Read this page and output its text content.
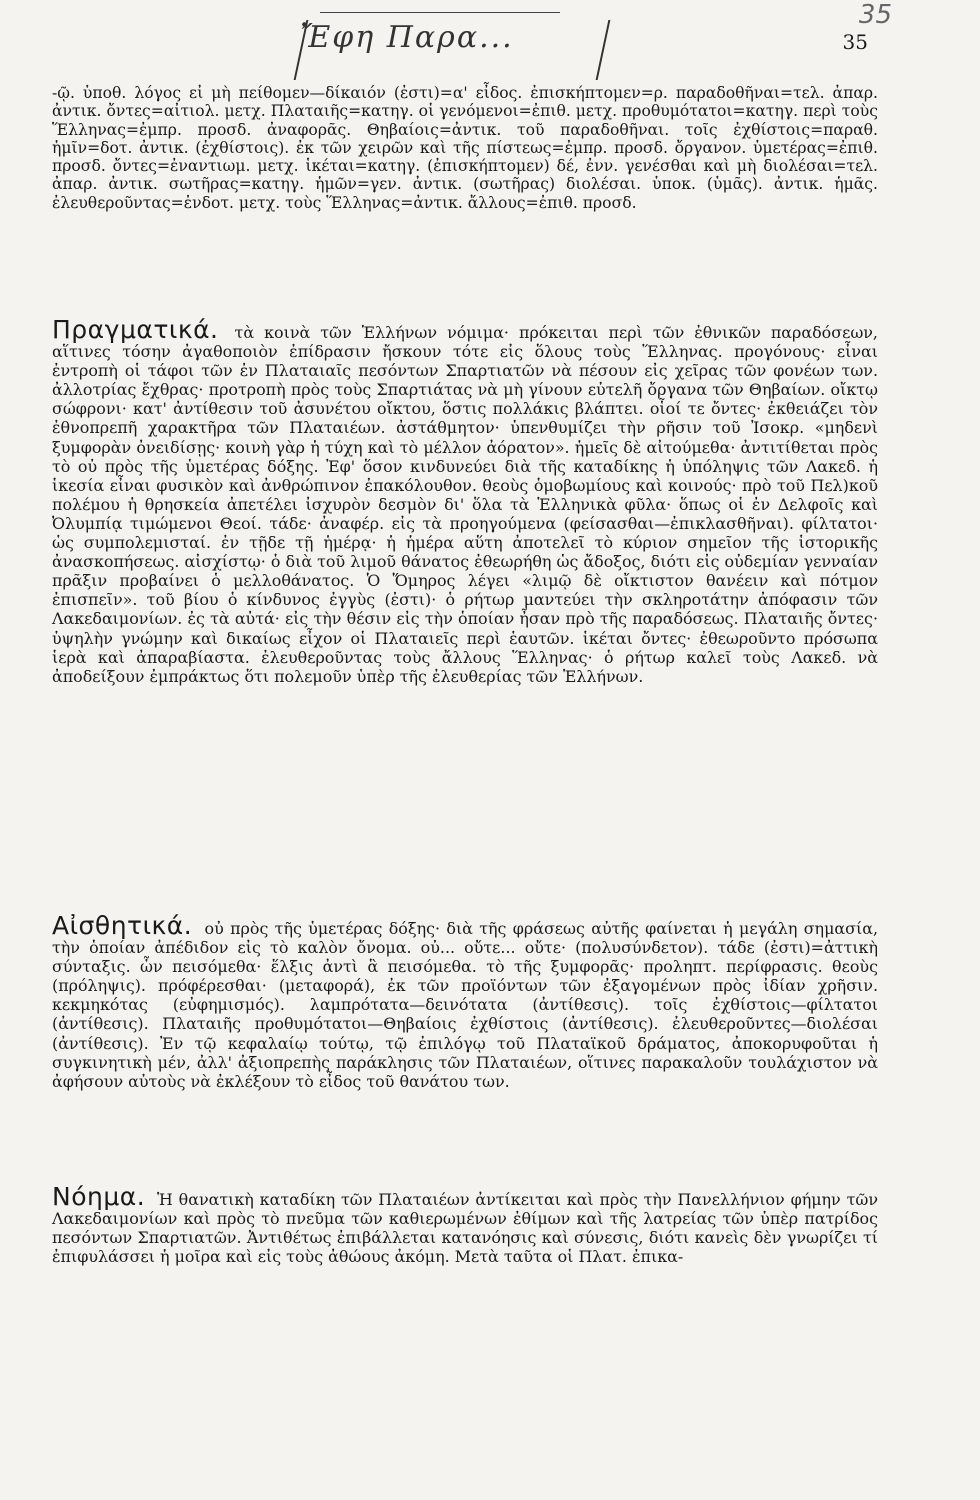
Ἔφη Παρα...
35
35

-ῷ. ὑποθ. λόγος εἰ μὴ πείθομεν—δίκαιόν (ἐστι)=α' εἶδος. ἐπισκήπτομεν=ρ. παραδοθῆναι=τελ. ἀπαρ. ἀντικ. ὄντες=αἰτιολ. μετχ. Πλαταιῆς=κατηγ. οἱ γενόμενοι=ἐπιθ. μετχ. προθυμότατοι=κατηγ. περὶ τοὺς Ἕλληνας=ἐμπρ. προσδ. ἀναφορᾶς. Θηβαίοις=ἀντικ. τοῦ παραδοθῆναι. τοῖς ἐχθίστοις=παραθ. ἡμῖν=δοτ. ἀντικ. (ἐχθίστοις). ἐκ τῶν χειρῶν καὶ τῆς πίστεως=ἐμπρ. προσδ. ὄργανον. ὑμετέρας=ἐπιθ. προσδ. ὄντες=ἐναντιωμ. μετχ. ἱκέται=κατηγ. (ἐπισκήπτομεν) δέ, ἐνν. γενέσθαι καὶ μὴ διολέσαι=τελ. ἀπαρ. ἀντικ. σωτῆρας=κατηγ. ἡμῶν=γεν. ἀντικ. (σωτῆρας) διολέσαι. ὑποκ. (ὑμᾶς). ἀντικ. ἡμᾶς. ἐλευθεροῦντας=ἐνδοτ. μετχ. τοὺς Ἕλληνας=ἀντικ. ἄλλους=ἐπιθ. προσδ.

Πραγματικά. τὰ κοινὰ τῶν Ἑλλήνων νόμιμα· πρόκειται περὶ τῶν ἐθνικῶν παραδόσεων, αἵτινες τόσην ἀγαθοποιὸν ἐπίδρασιν ἤσκουν τότε εἰς ὅλους τοὺς Ἕλληνας. προγόνους· εἶναι ἐντροπὴ οἱ τάφοι τῶν ἐν Πλαταιαῖς πεσόντων Σπαρτιατῶν νὰ πέσουν εἰς χεῖρας τῶν φονέων των. ἀλλοτρίας ἔχθρας· προτροπὴ πρὸς τοὺς Σπαρτιάτας νὰ μὴ γίνουν εὐτελῆ ὄργανα τῶν Θηβαίων. οἴκτῳ σώφρονι· κατ' ἀντίθεσιν τοῦ ἀσυνέτου οἴκτου, ὅστις πολλάκις βλάπτει. οἷοί τε ὄντες· ἐκθειάζει τὸν ἐθνοπρεπῆ χαρακτῆρα τῶν Πλαταιέων. ἀστάθμητον· ὑπενθυμίζει τὴν ρῆσιν τοῦ Ἰσοκρ. «μηδενὶ ξυμφορὰν ὀνειδίσῃς· κοινὴ γὰρ ἡ τύχη καὶ τὸ μέλλον ἀόρατον». ἡμεῖς δὲ αἰτούμεθα· ἀντιτίθεται πρὸς τὸ οὐ πρὸς τῆς ὑμετέρας δόξης. Ἐφ' ὅσον κινδυνεύει διὰ τῆς καταδίκης ἡ ὑπόληψις τῶν Λακεδ. ἡ ἱκεσία εἶναι φυσικὸν καὶ ἀνθρώπινον ἐπακόλουθον. θεοὺς ὁμοβωμίους καὶ κοινούς· πρὸ τοῦ Πελ)κοῦ πολέμου ἡ θρησκεία ἀπετέλει ἰσχυρὸν δεσμὸν δι' ὅλα τὰ Ἑλληνικὰ φῦλα· ὅπως οἱ ἐν Δελφοῖς καὶ Ὀλυμπίᾳ τιμώμενοι Θεοί. τάδε· ἀναφέρ. εἰς τὰ προηγούμενα (φείσασθαι—ἐπικλασθῆναι). φίλτατοι· ὡς συμπολεμισταί. ἐν τῇδε τῇ ἡμέρᾳ· ἡ ἡμέρα αὕτη ἀποτελεῖ τὸ κύριον σημεῖον τῆς ἱστορικῆς ἀνασκοπήσεως. αἰσχίστῳ· ὁ διὰ τοῦ λιμοῦ θάνατος ἐθεωρήθη ὡς ἄδοξος, διότι εἰς οὐδεμίαν γενναίαν πρᾶξιν προβαίνει ὁ μελλοθάνατος. Ὁ Ὅμηρος λέγει «λιμῷ δὲ οἴκτιστον θανέειν καὶ πότμον ἐπισπεῖν». τοῦ βίου ὁ κίνδυνος ἐγγὺς (ἐστι)· ὁ ρήτωρ μαντεύει τὴν σκληροτάτην ἀπόφασιν τῶν Λακεδαιμονίων. ἐς τὰ αὐτά· εἰς τὴν θέσιν εἰς τὴν ὁποίαν ἦσαν πρὸ τῆς παραδόσεως. Πλαταιῆς ὄντες· ὑψηλὴν γνώμην καὶ δικαίως εἶχον οἱ Πλαταιεῖς περὶ ἑαυτῶν. ἱκέται ὄντες· ἐθεωροῦντο πρόσωπα ἱερὰ καὶ ἀπαραβίαστα. ἐλευθεροῦντας τοὺς ἄλλους Ἕλληνας· ὁ ρήτωρ καλεῖ τοὺς Λακεδ. νὰ ἀποδείξουν ἐμπράκτως ὅτι πολεμοῦν ὑπὲρ τῆς ἐλευθερίας τῶν Ἑλλήνων.

Αἰσθητικά. οὐ πρὸς τῆς ὑμετέρας δόξης· διὰ τῆς φράσεως αὐτῆς φαίνεται ἡ μεγάλη σημασία, τὴν ὁποίαν ἀπέδιδον εἰς τὸ καλὸν ὄνομα. οὐ... οὔτε... οὔτε· (πολυσύνδετον). τάδε (ἐστι)=ἀττικὴ σύνταξις. ὧν πεισόμεθα· ἕλξις ἀντὶ ἃ πεισόμεθα. τὸ τῆς ξυμφορᾶς· προληπτ. περίφρασις. θεοὺς (πρόληψις). πρόφέρεσθαι· (μεταφορά), ἐκ τῶν προϊόντων τῶν ἐξαγομένων πρὸς ἰδίαν χρῆσιν. κεκμηκότας (εὐφημισμός). λαμπρότατα—δεινότατα (ἀντίθεσις). τοῖς ἐχθίστοις—φίλτατοι (ἀντίθεσις). Πλαταιῆς προθυμότατοι—Θηβαίοις ἐχθίστοις (ἀντίθεσις). ἐλευθεροῦντες—διολέσαι (ἀντίθεσις). Ἐν τῷ κεφαλαίῳ τούτῳ, τῷ ἐπιλόγῳ τοῦ Πλαταϊκοῦ δράματος, ἀποκορυφοῦται ἡ συγκινητικὴ μέν, ἀλλ' ἀξιοπρεπὴς παράκλησις τῶν Πλαταιέων, οἵτινες παρακαλοῦν τουλάχιστον νὰ ἀφήσουν αὐτοὺς νὰ ἐκλέξουν τὸ εἶδος τοῦ θανάτου των.

Νόημα. Ἡ θανατικὴ καταδίκη τῶν Πλαταιέων ἀντίκειται καὶ πρὸς τὴν Πανελλήνιον φήμην τῶν Λακεδαιμονίων καὶ πρὸς τὸ πνεῦμα τῶν καθιερωμένων ἐθίμων καὶ τῆς λατρείας τῶν ὑπὲρ πατρίδος πεσόντων Σπαρτιατῶν. Ἀντιθέτως ἐπιβάλλεται κατανόησις καὶ σύνεσις, διότι κανεὶς δὲν γνωρίζει τί ἐπιφυλάσσει ἡ μοῖρα καὶ εἰς τοὺς ἀθώους ἀκόμη. Μετὰ ταῦτα οἱ Πλατ. ἐπικα-
